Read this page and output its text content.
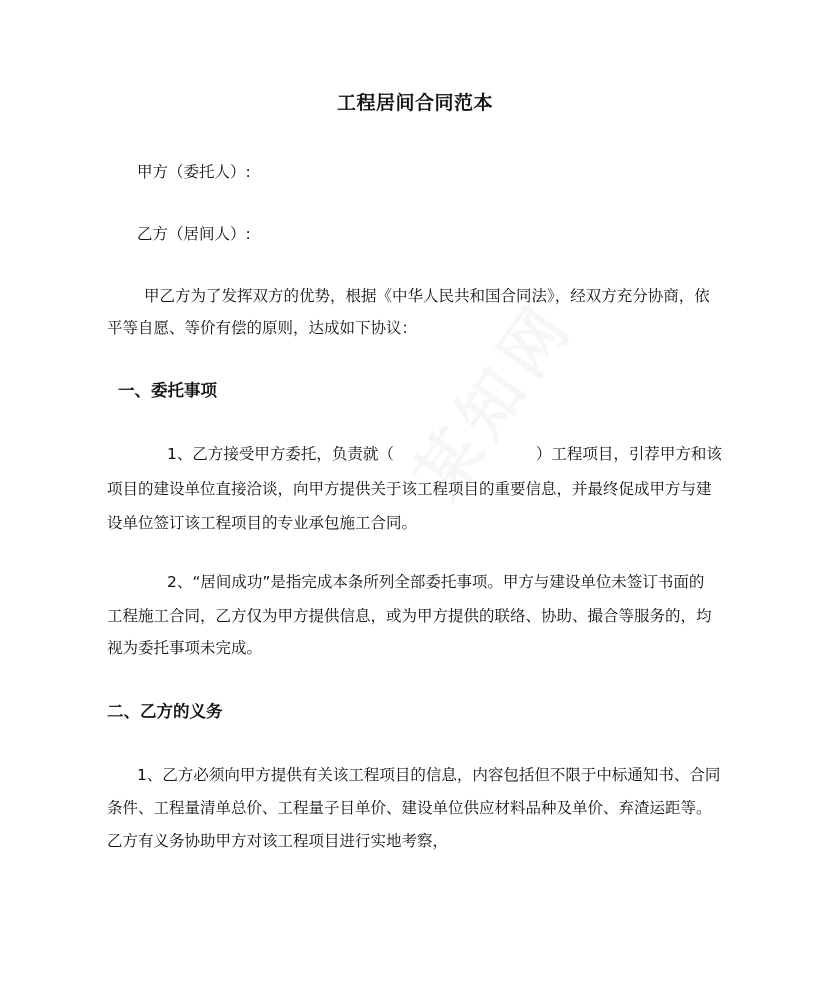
工程居间合同范本
甲方（委托人）:
乙方（居间人）:
甲乙方为了发挥双方的优势，根据《中华人民共和国合同法》，经双方充分协商，依
平等自愿、等价有偿的原则，达成如下协议：
一、委托事项
1、乙方接受甲方委托，负责就（	）工程项目，引荐甲方和该
项目的建设单位直接洽谈，向甲方提供关于该工程项目的重要信息，并最终促成甲方与建
设单位签订该工程项目的专业承包施工合同。
2、“居间成功”是指完成本条所列全部委托事项。甲方与建设单位未签订书面的
工程施工合同，乙方仅为甲方提供信息，或为甲方提供的联络、协助、撮合等服务的，均
视为委托事项未完成。
二、乙方的义务
1、乙方必须向甲方提供有关该工程项目的信息，内容包括但不限于中标通知书、合同
条件、工程量清单总价、工程量子目单价、建设单位供应材料品种及单价、弃渣运距等。
乙方有义务协助甲方对该工程项目进行实地考察，
